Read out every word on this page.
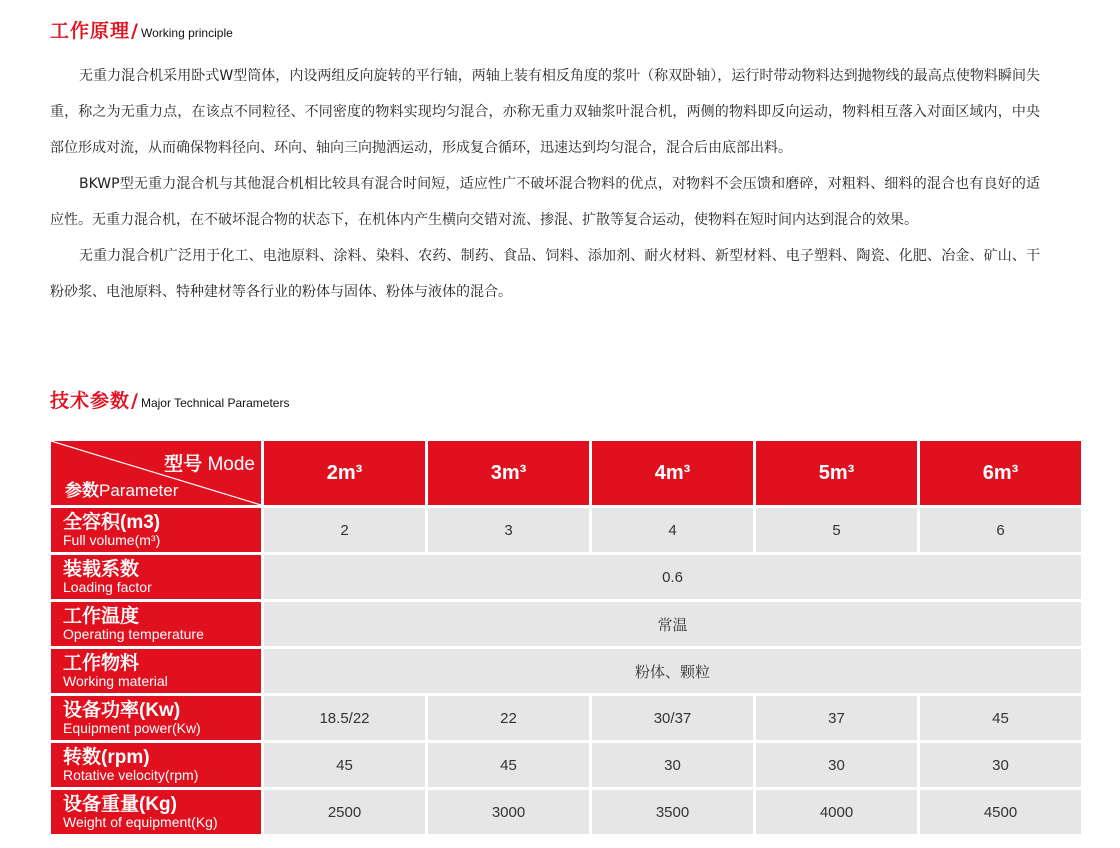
工作原理 / Working principle

无重力混合机采用卧式W型筒体，内设两组反向旋转的平行轴，两轴上装有相反角度的浆叶（称双卧轴），运行时带动物料达到抛物线的最高点使物料瞬间失重，称之为无重力点，在该点不同粒径、不同密度的物料实现均匀混合，亦称无重力双轴浆叶混合机，两侧的物料即反向运动，物料相互落入对面区域内，中央部位形成对流，从而确保物料径向、环向、轴向三向抛洒运动，形成复合循环，迅速达到均匀混合，混合后由底部出料。

BKWP型无重力混合机与其他混合机相比较具有混合时间短，适应性广不破坏混合物料的优点，对物料不会压馈和磨碎，对粗料、细料的混合也有良好的适应性。无重力混合机，在不破坏混合物的状态下，在机体内产生横向交错对流、掺混、扩散等复合运动，使物料在短时间内达到混合的效果。

无重力混合机广泛用于化工、电池原料、涂料、染料、农药、制药、食品、饲料、添加剂、耐火材料、新型材料、电子塑料、陶瓷、化肥、冶金、矿山、干粉砂浆、电池原料、特种建材等各行业的粉体与固体、粉体与液体的混合。

技术参数 / Major Technical Parameters
型号 Mode
参数Parameter	2m³	3m³	4m³	5m³	6m³

全容积(m3)
Full volume(m³)	2	3	4	5	6

装载系数
Loading factor	0.6				

工作温度
Operating temperature	常温				

工作物料
Working material	粉体、颗粒				

设备功率(Kw)
Equipment power(Kw)	18.5/22	22	30/37	37	45

转数(rpm)
Rotative velocity(rpm)	45	45	30	30	30

设备重量(Kg)
Weight of equipment(Kg)	2500	3000	3500	4000	4500
